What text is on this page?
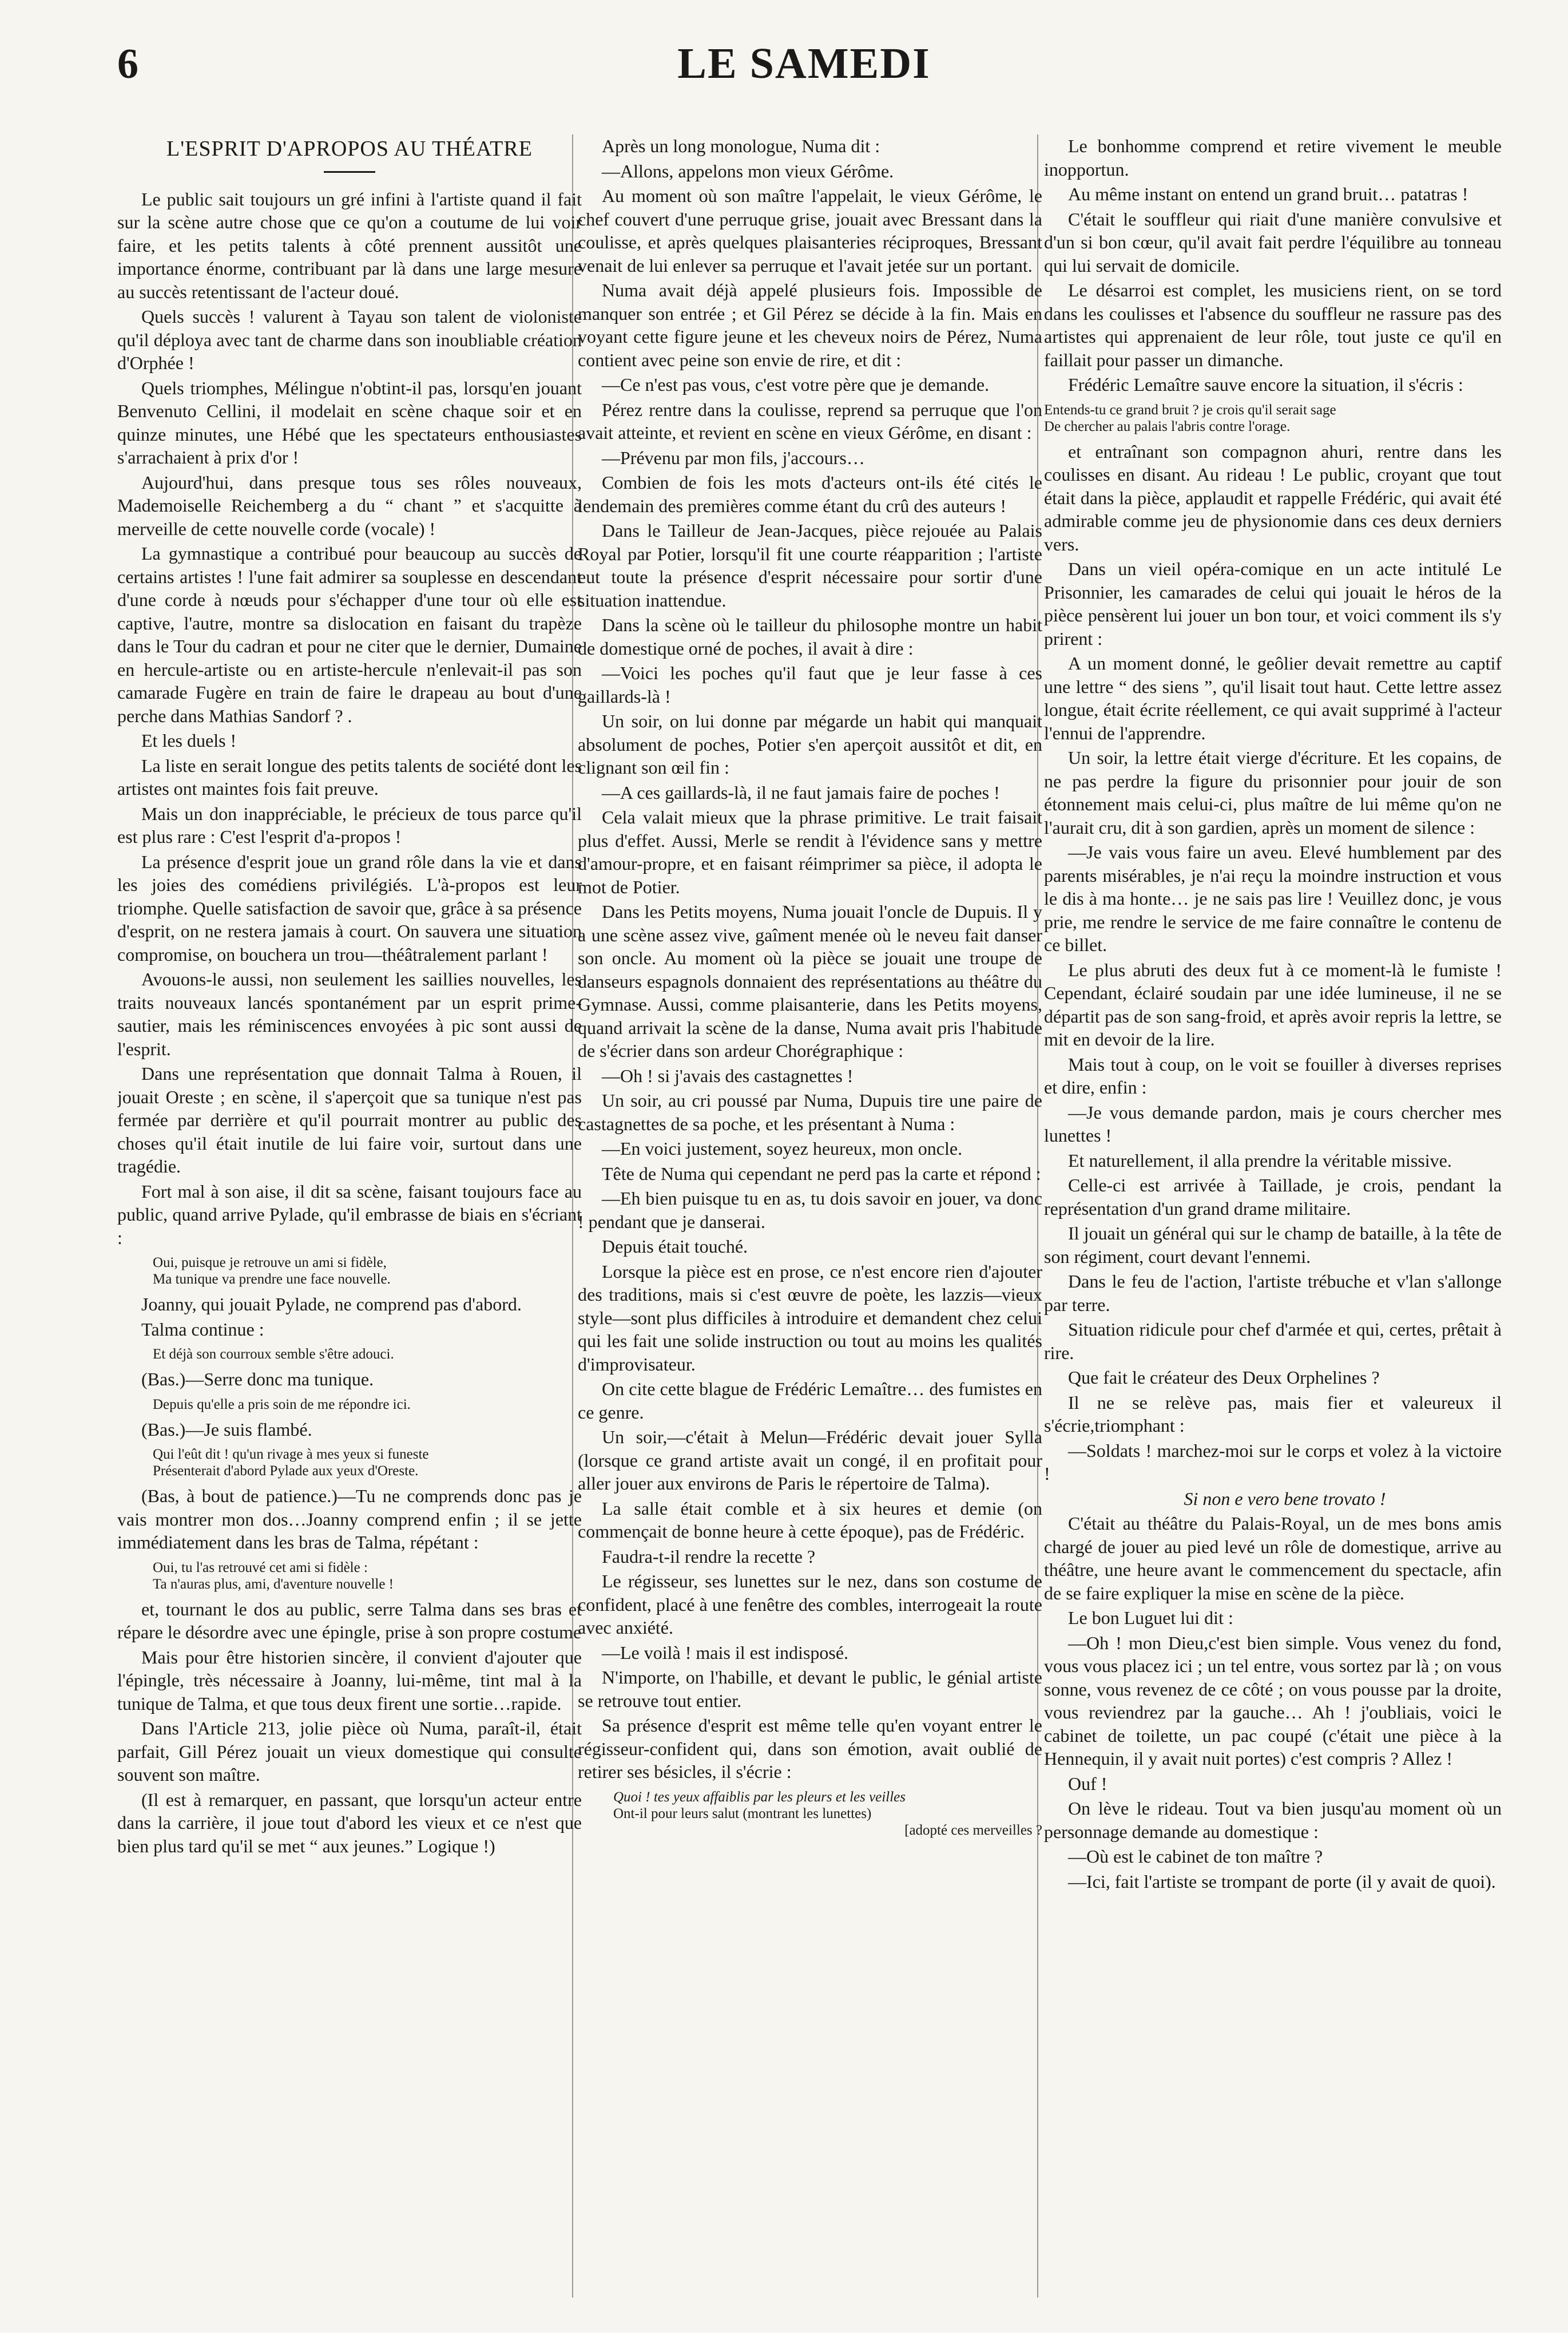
6	LE SAMEDI
L'ESPRIT D'APROPOS AU THÉATRE

Le public sait toujours un gré infini à l'artiste quand il fait sur la scène autre chose que ce qu'on a coutume de lui voir faire, et les petits talents à côté prennent aussitôt une importance énorme, contribuant par là dans une large mesure au succès retentissant de l'acteur doué.

Quels succès ! valurent à Tayau son talent de violoniste qu'il déploya avec tant de charme dans son inoubliable création d'Orphée !

Quels triomphes, Mélingue n'obtint-il pas, lorsqu'en jouant Benvenuto Cellini, il modelait en scène chaque soir et en quinze minutes, une Hébé que les spectateurs enthousiastes s'arrachaient à prix d'or !

Aujourd'hui, dans presque tous ses rôles nouveaux, Mademoiselle Reichemberg a du “ chant ” et s'acquitte à merveille de cette nouvelle corde (vocale) !

La gymnastique a contribué pour beaucoup au succès de certains artistes ! l'une fait admirer sa souplesse en descendant d'une corde à nœuds pour s'échapper d'une tour où elle est captive, l'autre, montre sa dislocation en faisant du trapèze dans le Tour du cadran et pour ne citer que le dernier, Dumaine en hercule-artiste ou en artiste-hercule n'enlevait-il pas son camarade Fugère en train de faire le drapeau au bout d'une perche dans Mathias Sandorf ? .

Et les duels !

La liste en serait longue des petits talents de société dont les artistes ont maintes fois fait preuve.

Mais un don inappréciable, le précieux de tous parce qu'il est plus rare : C'est l'esprit d'a-propos !

La présence d'esprit joue un grand rôle dans la vie et dans les joies des comédiens privilégiés. L'à-propos est leur triomphe. Quelle satisfaction de savoir que, grâce à sa présence d'esprit, on ne restera jamais à court. On sauvera une situation compromise, on bouchera un trou—théâtralement parlant !

Avouons-le aussi, non seulement les saillies nouvelles, les traits nouveaux lancés spontanément par un esprit prime-sautier, mais les réminiscences envoyées à pic sont aussi de l'esprit.

Dans une représentation que donnait Talma à Rouen, il jouait Oreste ; en scène, il s'aperçoit que sa tunique n'est pas fermée par derrière et qu'il pourrait montrer au public des choses qu'il était inutile de lui faire voir, surtout dans une tragédie.

Fort mal à son aise, il dit sa scène, faisant toujours face au public, quand arrive Pylade, qu'il embrasse de biais en s'écriant :

Oui, puisque je retrouve un ami si fidèle,
Ma tunique va prendre une face nouvelle.

Joanny, qui jouait Pylade, ne comprend pas d'abord.

Talma continue :

Et déjà son courroux semble s'être adouci.

(Bas.)—Serre donc ma tunique.

Depuis qu'elle a pris soin de me répondre ici.

(Bas.)—Je suis flambé.

Qui l'eût dit ! qu'un rivage à mes yeux si funeste
Présenterait d'abord Pylade aux yeux d'Oreste.

(Bas, à bout de patience.)—Tu ne comprends donc pas je vais montrer mon dos…Joanny comprend enfin ; il se jette immédiatement dans les bras de Talma, répétant :

Oui, tu l'as retrouvé cet ami si fidèle :
Ta n'auras plus, ami, d'aventure nouvelle !

et, tournant le dos au public, serre Talma dans ses bras et répare le désordre avec une épingle, prise à son propre costume

Mais pour être historien sincère, il convient d'ajouter que l'épingle, très nécessaire à Joanny, lui-même, tint mal à la tunique de Talma, et que tous deux firent une sortie…rapide.

Dans l'Article 213, jolie pièce où Numa, paraît-il, était parfait, Gill Pérez jouait un vieux domestique qui consulte souvent son maître.

(Il est à remarquer, en passant, que lorsqu'un acteur entre dans la carrière, il joue tout d'abord les vieux et ce n'est que bien plus tard qu'il se met “ aux jeunes.” Logique !)

Après un long monologue, Numa dit :

—Allons, appelons mon vieux Gérôme.

Au moment où son maître l'appelait, le vieux Gérôme, le chef couvert d'une perruque grise, jouait avec Bressant dans la coulisse, et après quelques plaisanteries réciproques, Bressant venait de lui enlever sa perruque et l'avait jetée sur un portant.

Numa avait déjà appelé plusieurs fois. Impossible de manquer son entrée ; et Gil Pérez se décide à la fin. Mais en voyant cette figure jeune et les cheveux noirs de Pérez, Numa contient avec peine son envie de rire, et dit :

—Ce n'est pas vous, c'est votre père que je demande.

Pérez rentre dans la coulisse, reprend sa perruque que l'on avait atteinte, et revient en scène en vieux Gérôme, en disant :

—Prévenu par mon fils, j'accours…

Combien de fois les mots d'acteurs ont-ils été cités le lendemain des premières comme étant du crû des auteurs !

Dans le Tailleur de Jean-Jacques, pièce rejouée au Palais Royal par Potier, lorsqu'il fit une courte réapparition ; l'artiste eut toute la présence d'esprit nécessaire pour sortir d'une situation inattendue.

Dans la scène où le tailleur du philosophe montre un habit de domestique orné de poches, il avait à dire :

—Voici les poches qu'il faut que je leur fasse à ces gaillards-là !

Un soir, on lui donne par mégarde un habit qui manquait absolument de poches, Potier s'en aperçoit aussitôt et dit, en clignant son œil fin :

—A ces gaillards-là, il ne faut jamais faire de poches !

Cela valait mieux que la phrase primitive. Le trait faisait plus d'effet. Aussi, Merle se rendit à l'évidence sans y mettre d'amour-propre, et en faisant réimprimer sa pièce, il adopta le mot de Potier.

Dans les Petits moyens, Numa jouait l'oncle de Dupuis. Il y a une scène assez vive, gaîment menée où le neveu fait danser son oncle. Au moment où la pièce se jouait une troupe de danseurs espagnols donnaient des représentations au théâtre du Gymnase. Aussi, comme plaisanterie, dans les Petits moyens, quand arrivait la scène de la danse, Numa avait pris l'habitude de s'écrier dans son ardeur Chorégraphique :

—Oh ! si j'avais des castagnettes !

Un soir, au cri poussé par Numa, Dupuis tire une paire de castagnettes de sa poche, et les présentant à Numa :

—En voici justement, soyez heureux, mon oncle.

Tête de Numa qui cependant ne perd pas la carte et répond :

—Eh bien puisque tu en as, tu dois savoir en jouer, va donc ! pendant que je danserai.

Depuis était touché.

Lorsque la pièce est en prose, ce n'est encore rien d'ajouter des traditions, mais si c'est œuvre de poète, les lazzis—vieux style—sont plus difficiles à introduire et demandent chez celui qui les fait une solide instruction ou tout au moins les qualités d'improvisateur.

On cite cette blague de Frédéric Lemaître… des fumistes en ce genre.

Un soir,—c'était à Melun—Frédéric devait jouer Sylla (lorsque ce grand artiste avait un congé, il en profitait pour aller jouer aux environs de Paris le répertoire de Talma).

La salle était comble et à six heures et demie (on commençait de bonne heure à cette époque), pas de Frédéric.

Faudra-t-il rendre la recette ?

Le régisseur, ses lunettes sur le nez, dans son costume de confident, placé à une fenêtre des combles, interrogeait la route avec anxiété.

—Le voilà ! mais il est indisposé.

N'importe, on l'habille, et devant le public, le génial artiste se retrouve tout entier.

Sa présence d'esprit est même telle qu'en voyant entrer le régisseur-confident qui, dans son émotion, avait oublié de retirer ses bésicles, il s'écrie :

Quoi ! tes yeux affaiblis par les pleurs et les veilles
Ont-il pour leurs salut (montrant les lunettes)
[adopté ces merveilles ?

Le bonhomme comprend et retire vivement le meuble inopportun.

Au même instant on entend un grand bruit… patatras !

C'était le souffleur qui riait d'une manière convulsive et d'un si bon cœur, qu'il avait fait perdre l'équilibre au tonneau qui lui servait de domicile.

Le désarroi est complet, les musiciens rient, on se tord dans les coulisses et l'absence du souffleur ne rassure pas des artistes qui apprenaient de leur rôle, tout juste ce qu'il en faillait pour passer un dimanche.

Frédéric Lemaître sauve encore la situation, il s'écris :

Entends-tu ce grand bruit ? je crois qu'il serait sage
De chercher au palais l'abris contre l'orage.

et entraînant son compagnon ahuri, rentre dans les coulisses en disant. Au rideau ! Le public, croyant que tout était dans la pièce, applaudit et rappelle Frédéric, qui avait été admirable comme jeu de physionomie dans ces deux derniers vers.

Dans un vieil opéra-comique en un acte intitulé Le Prisonnier, les camarades de celui qui jouait le héros de la pièce pensèrent lui jouer un bon tour, et voici comment ils s'y prirent :

A un moment donné, le geôlier devait remettre au captif une lettre “ des siens ”, qu'il lisait tout haut. Cette lettre assez longue, était écrite réellement, ce qui avait supprimé à l'acteur l'ennui de l'apprendre.

Un soir, la lettre était vierge d'écriture. Et les copains, de ne pas perdre la figure du prisonnier pour jouir de son étonnement mais celui-ci, plus maître de lui même qu'on ne l'aurait cru, dit à son gardien, après un moment de silence :

—Je vais vous faire un aveu. Elevé humblement par des parents misérables, je n'ai reçu la moindre instruction et vous le dis à ma honte… je ne sais pas lire ! Veuillez donc, je vous prie, me rendre le service de me faire connaître le contenu de ce billet.

Le plus abruti des deux fut à ce moment-là le fumiste ! Cependant, éclairé soudain par une idée lumineuse, il ne se départit pas de son sang-froid, et après avoir repris la lettre, se mit en devoir de la lire.

Mais tout à coup, on le voit se fouiller à diverses reprises et dire, enfin :

—Je vous demande pardon, mais je cours chercher mes lunettes !

Et naturellement, il alla prendre la véritable missive.

Celle-ci est arrivée à Taillade, je crois, pendant la représentation d'un grand drame militaire.

Il jouait un général qui sur le champ de bataille, à la tête de son régiment, court devant l'ennemi.

Dans le feu de l'action, l'artiste trébuche et v'lan s'allonge par terre.

Situation ridicule pour chef d'armée et qui, certes, prêtait à rire.

Que fait le créateur des Deux Orphelines ?

Il ne se relève pas, mais fier et valeureux il s'écrie,triomphant :

—Soldats ! marchez-moi sur le corps et volez à la victoire !

Si non e vero bene trovato !

C'était au théâtre du Palais-Royal, un de mes bons amis chargé de jouer au pied levé un rôle de domestique, arrive au théâtre, une heure avant le commencement du spectacle, afin de se faire expliquer la mise en scène de la pièce.

Le bon Luguet lui dit :

—Oh ! mon Dieu,c'est bien simple. Vous venez du fond, vous vous placez ici ; un tel entre, vous sortez par là ; on vous sonne, vous revenez de ce côté ; on vous pousse par la droite, vous reviendrez par la gauche… Ah ! j'oubliais, voici le cabinet de toilette, un pac coupé (c'était une pièce à la Hennequin, il y avait nuit portes) c'est compris ? Allez !

Ouf !

On lève le rideau. Tout va bien jusqu'au moment où un personnage demande au domestique :

—Où est le cabinet de ton maître ?

—Ici, fait l'artiste se trompant de porte (il y avait de quoi).
